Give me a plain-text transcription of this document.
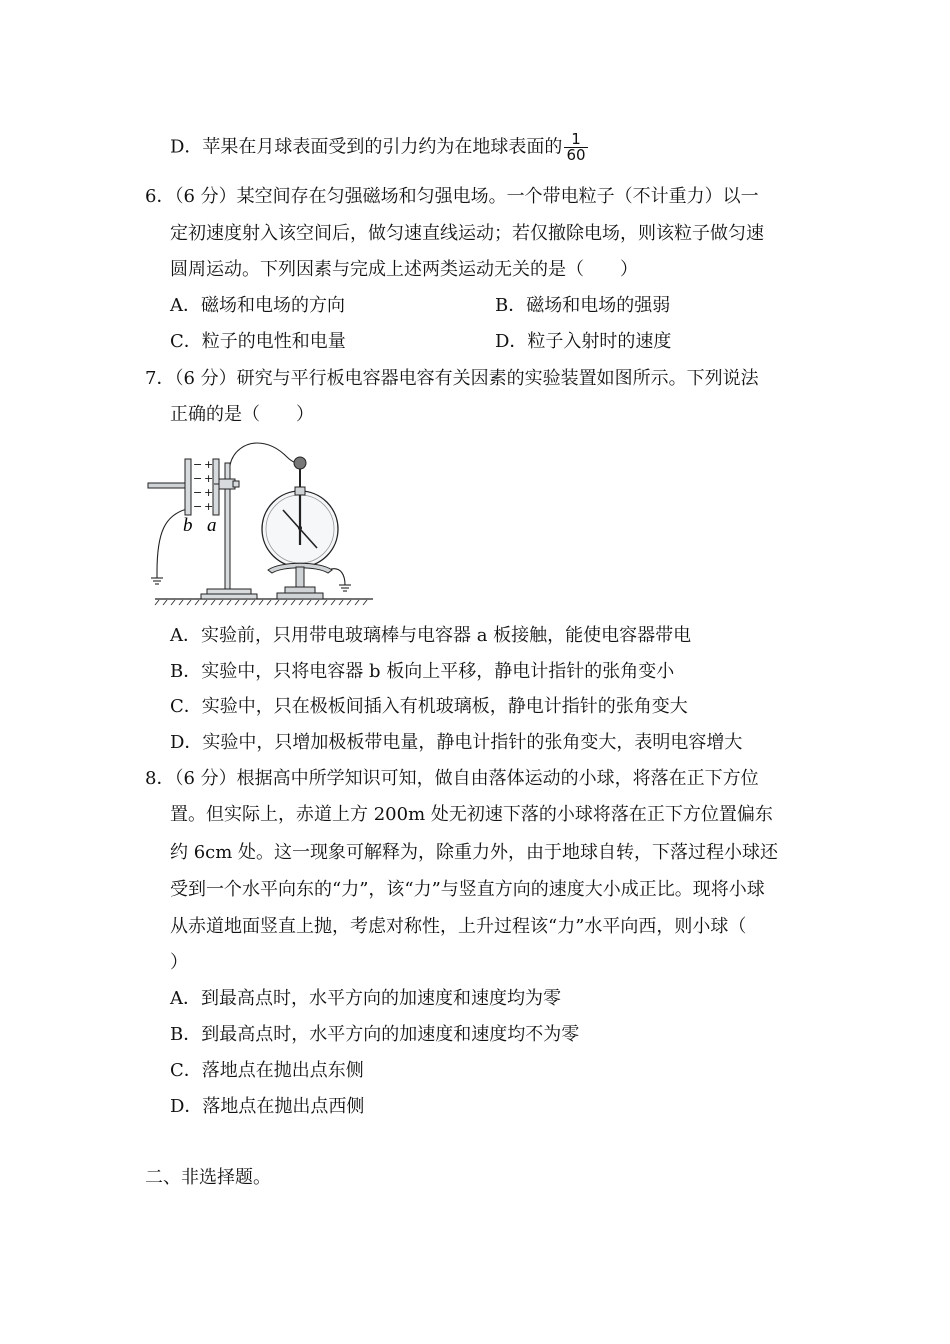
D．苹果在月球表面受到的引力约为在地球表面的 $\frac{1}{60}$
6．（6 分）某空间存在匀强磁场和匀强电场。一个带电粒子（不计重力）以一
定初速度射入该空间后，做匀速直线运动；若仅撤除电场，则该粒子做匀速
圆周运动。下列因素与完成上述两类运动无关的是（　　）
A．磁场和电场的方向	B．磁场和电场的强弱
C．粒子的电性和电量	D．粒子入射时的速度
7．（6 分）研究与平行板电容器电容有关因素的实验装置如图所示。下列说法
正确的是（　　）
−
−
−
−
+
+
+
+
b a
A．实验前，只用带电玻璃棒与电容器 a 板接触，能使电容器带电
B．实验中，只将电容器 b 板向上平移，静电计指针的张角变小
C．实验中，只在极板间插入有机玻璃板，静电计指针的张角变大
D．实验中，只增加极板带电量，静电计指针的张角变大，表明电容增大
8．（6 分）根据高中所学知识可知，做自由落体运动的小球，将落在正下方位
置。但实际上，赤道上方 200m 处无初速下落的小球将落在正下方位置偏东
约 6cm 处。这一现象可解释为，除重力外，由于地球自转，下落过程小球还
受到一个水平向东的“力”，该“力”与竖直方向的速度大小成正比。现将小球
从赤道地面竖直上抛，考虑对称性，上升过程该“力”水平向西，则小球（
）
A．到最高点时，水平方向的加速度和速度均为零
B．到最高点时，水平方向的加速度和速度均不为零
C．落地点在抛出点东侧
D．落地点在抛出点西侧
二、非选择题。
